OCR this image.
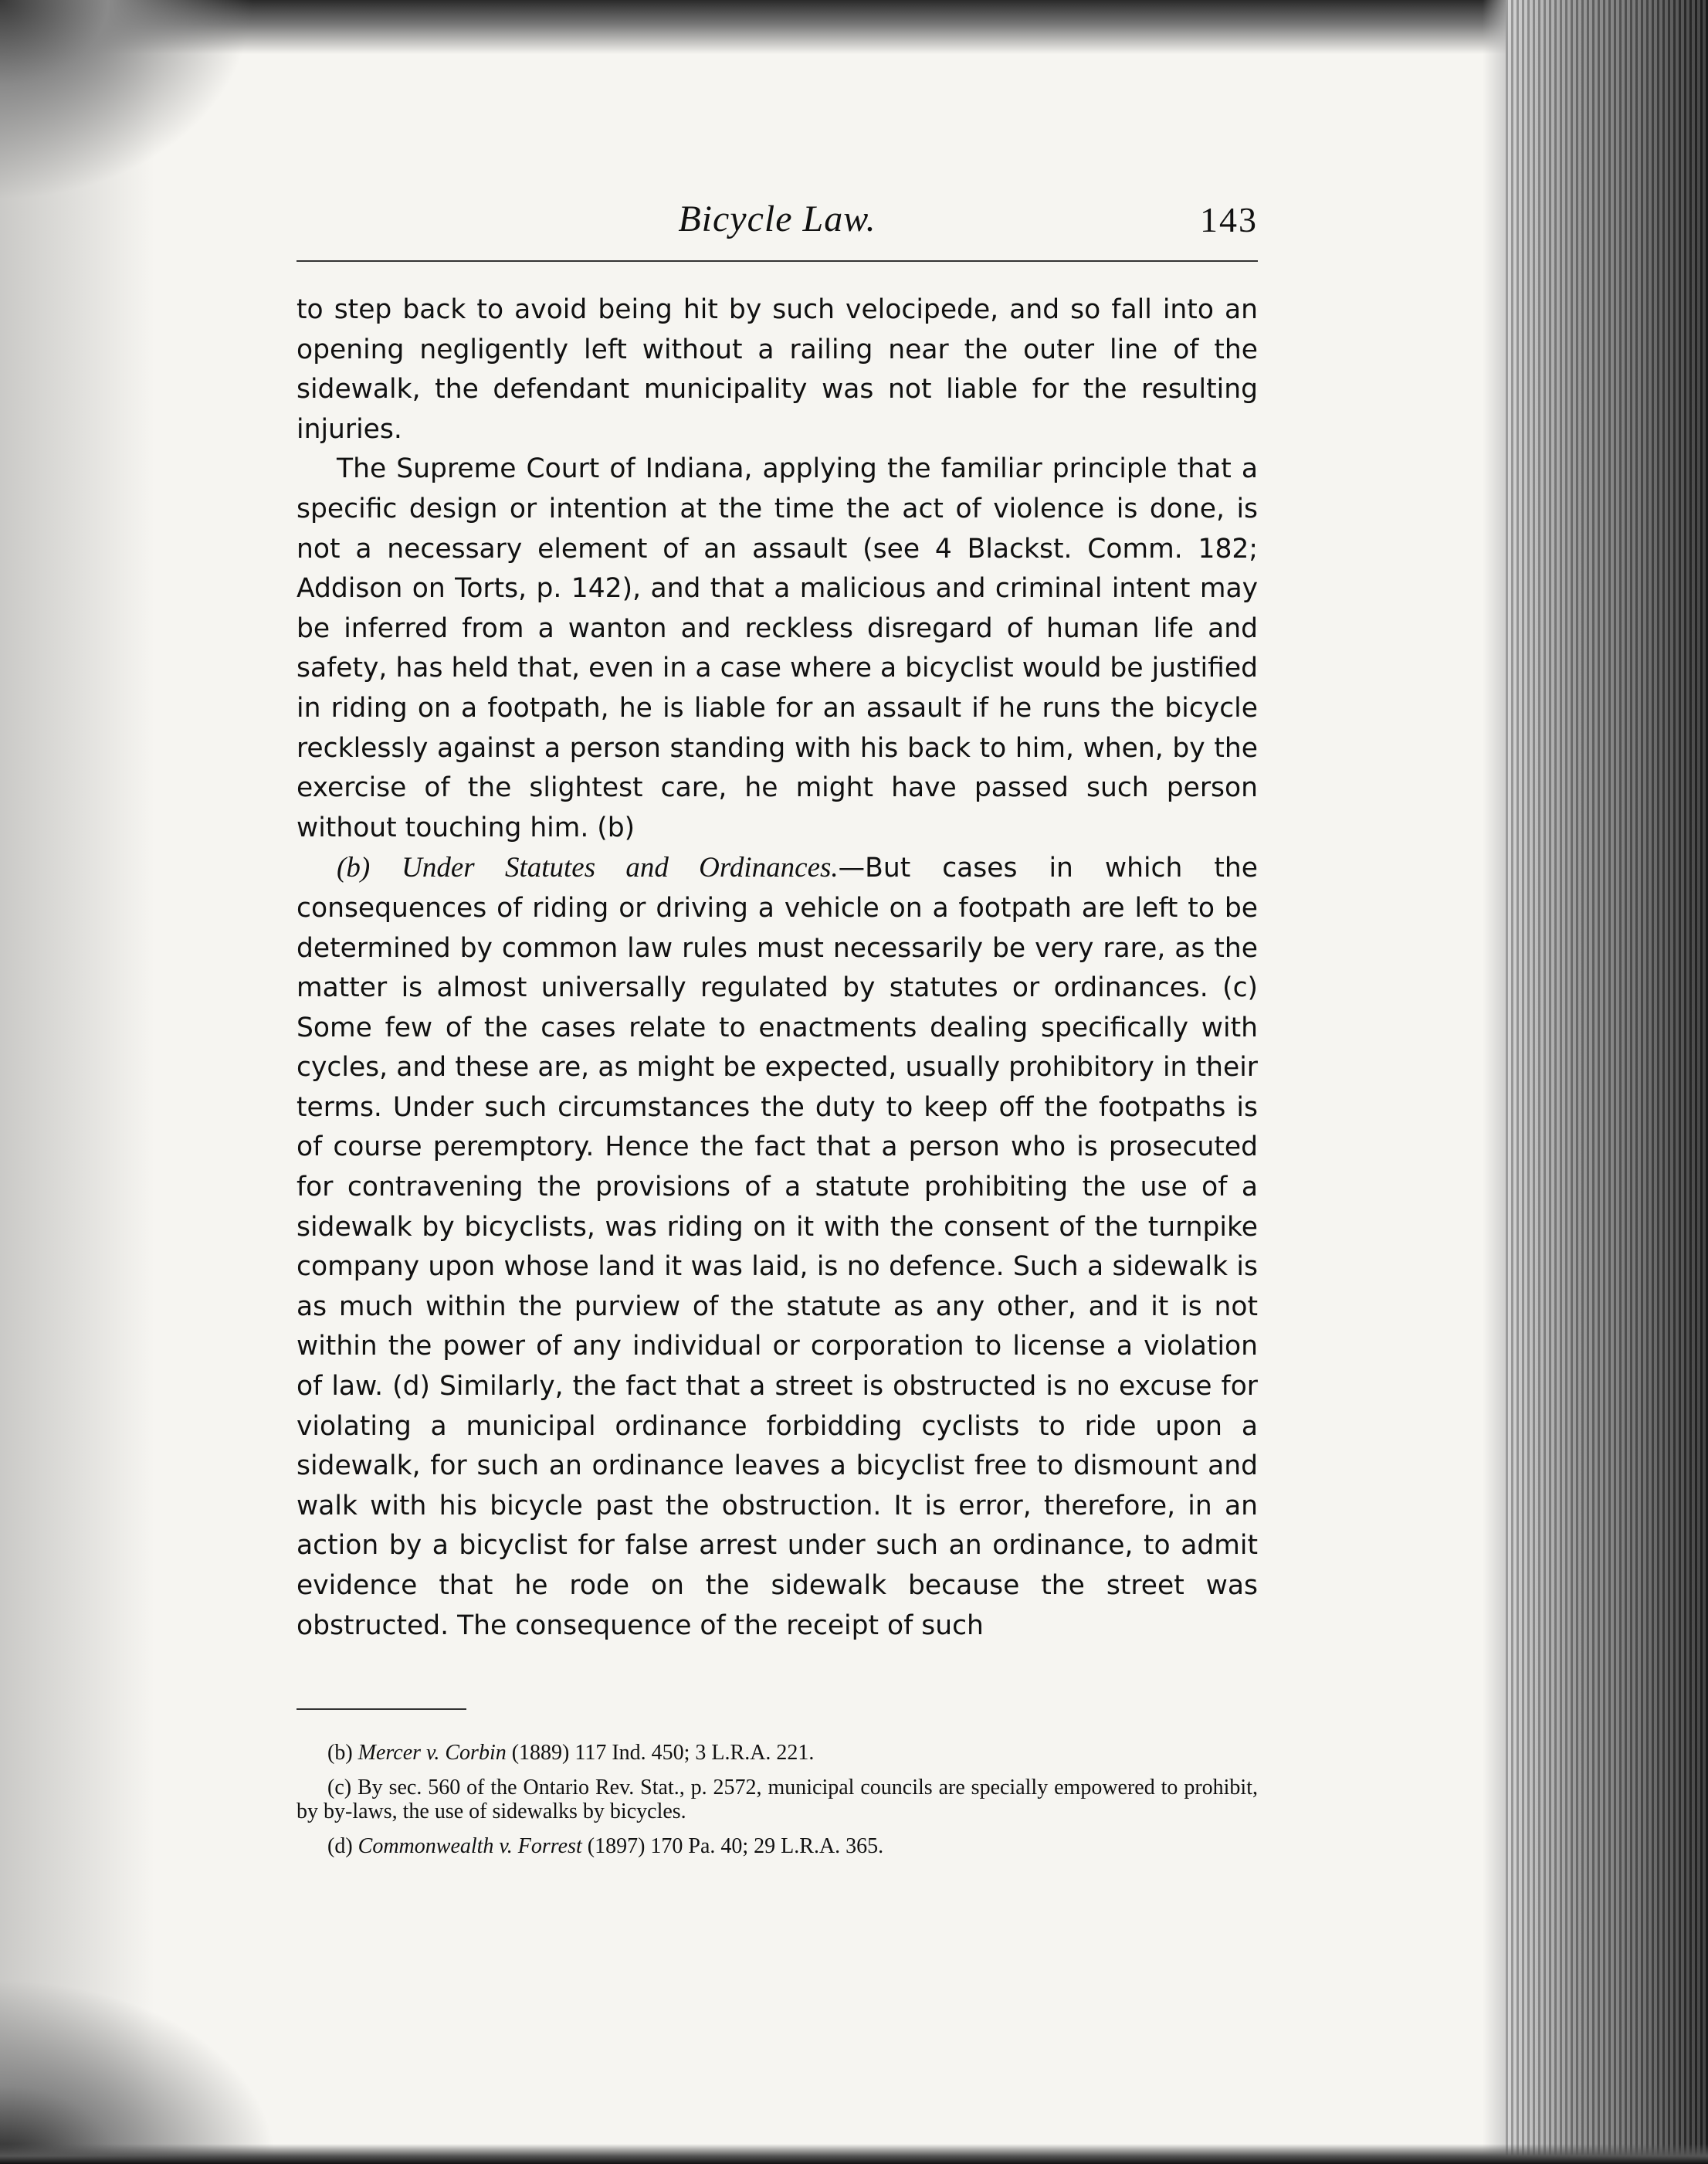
Bicycle Law.	143

to step back to avoid being hit by such velocipede, and so fall into an opening negligently left without a railing near the outer line of the sidewalk, the defendant municipality was not liable for the resulting injuries.

The Supreme Court of Indiana, applying the familiar principle that a specific design or intention at the time the act of violence is done, is not a necessary element of an assault (see 4 Blackst. Comm. 182; Addison on Torts, p. 142), and that a malicious and criminal intent may be inferred from a wanton and reckless disregard of human life and safety, has held that, even in a case where a bicyclist would be justified in riding on a footpath, he is liable for an assault if he runs the bicycle recklessly against a person standing with his back to him, when, by the exercise of the slightest care, he might have passed such person without touching him. (b)

(b) Under Statutes and Ordinances.—But cases in which the consequences of riding or driving a vehicle on a footpath are left to be determined by common law rules must necessarily be very rare, as the matter is almost universally regulated by statutes or ordinances. (c) Some few of the cases relate to enactments dealing specifically with cycles, and these are, as might be expected, usually prohibitory in their terms. Under such circumstances the duty to keep off the footpaths is of course peremptory. Hence the fact that a person who is prosecuted for contravening the provisions of a statute prohibiting the use of a sidewalk by bicyclists, was riding on it with the consent of the turnpike company upon whose land it was laid, is no defence. Such a sidewalk is as much within the purview of the statute as any other, and it is not within the power of any individual or corporation to license a violation of law. (d) Similarly, the fact that a street is obstructed is no excuse for violating a municipal ordinance forbidding cyclists to ride upon a sidewalk, for such an ordinance leaves a bicyclist free to dismount and walk with his bicycle past the obstruction. It is error, therefore, in an action by a bicyclist for false arrest under such an ordinance, to admit evidence that he rode on the sidewalk because the street was obstructed. The consequence of the receipt of such

(b) Mercer v. Corbin (1889) 117 Ind. 450; 3 L.R.A. 221.

(c) By sec. 560 of the Ontario Rev. Stat., p. 2572, municipal councils are specially empowered to prohibit, by by-laws, the use of sidewalks by bicycles.

(d) Commonwealth v. Forrest (1897) 170 Pa. 40; 29 L.R.A. 365.
